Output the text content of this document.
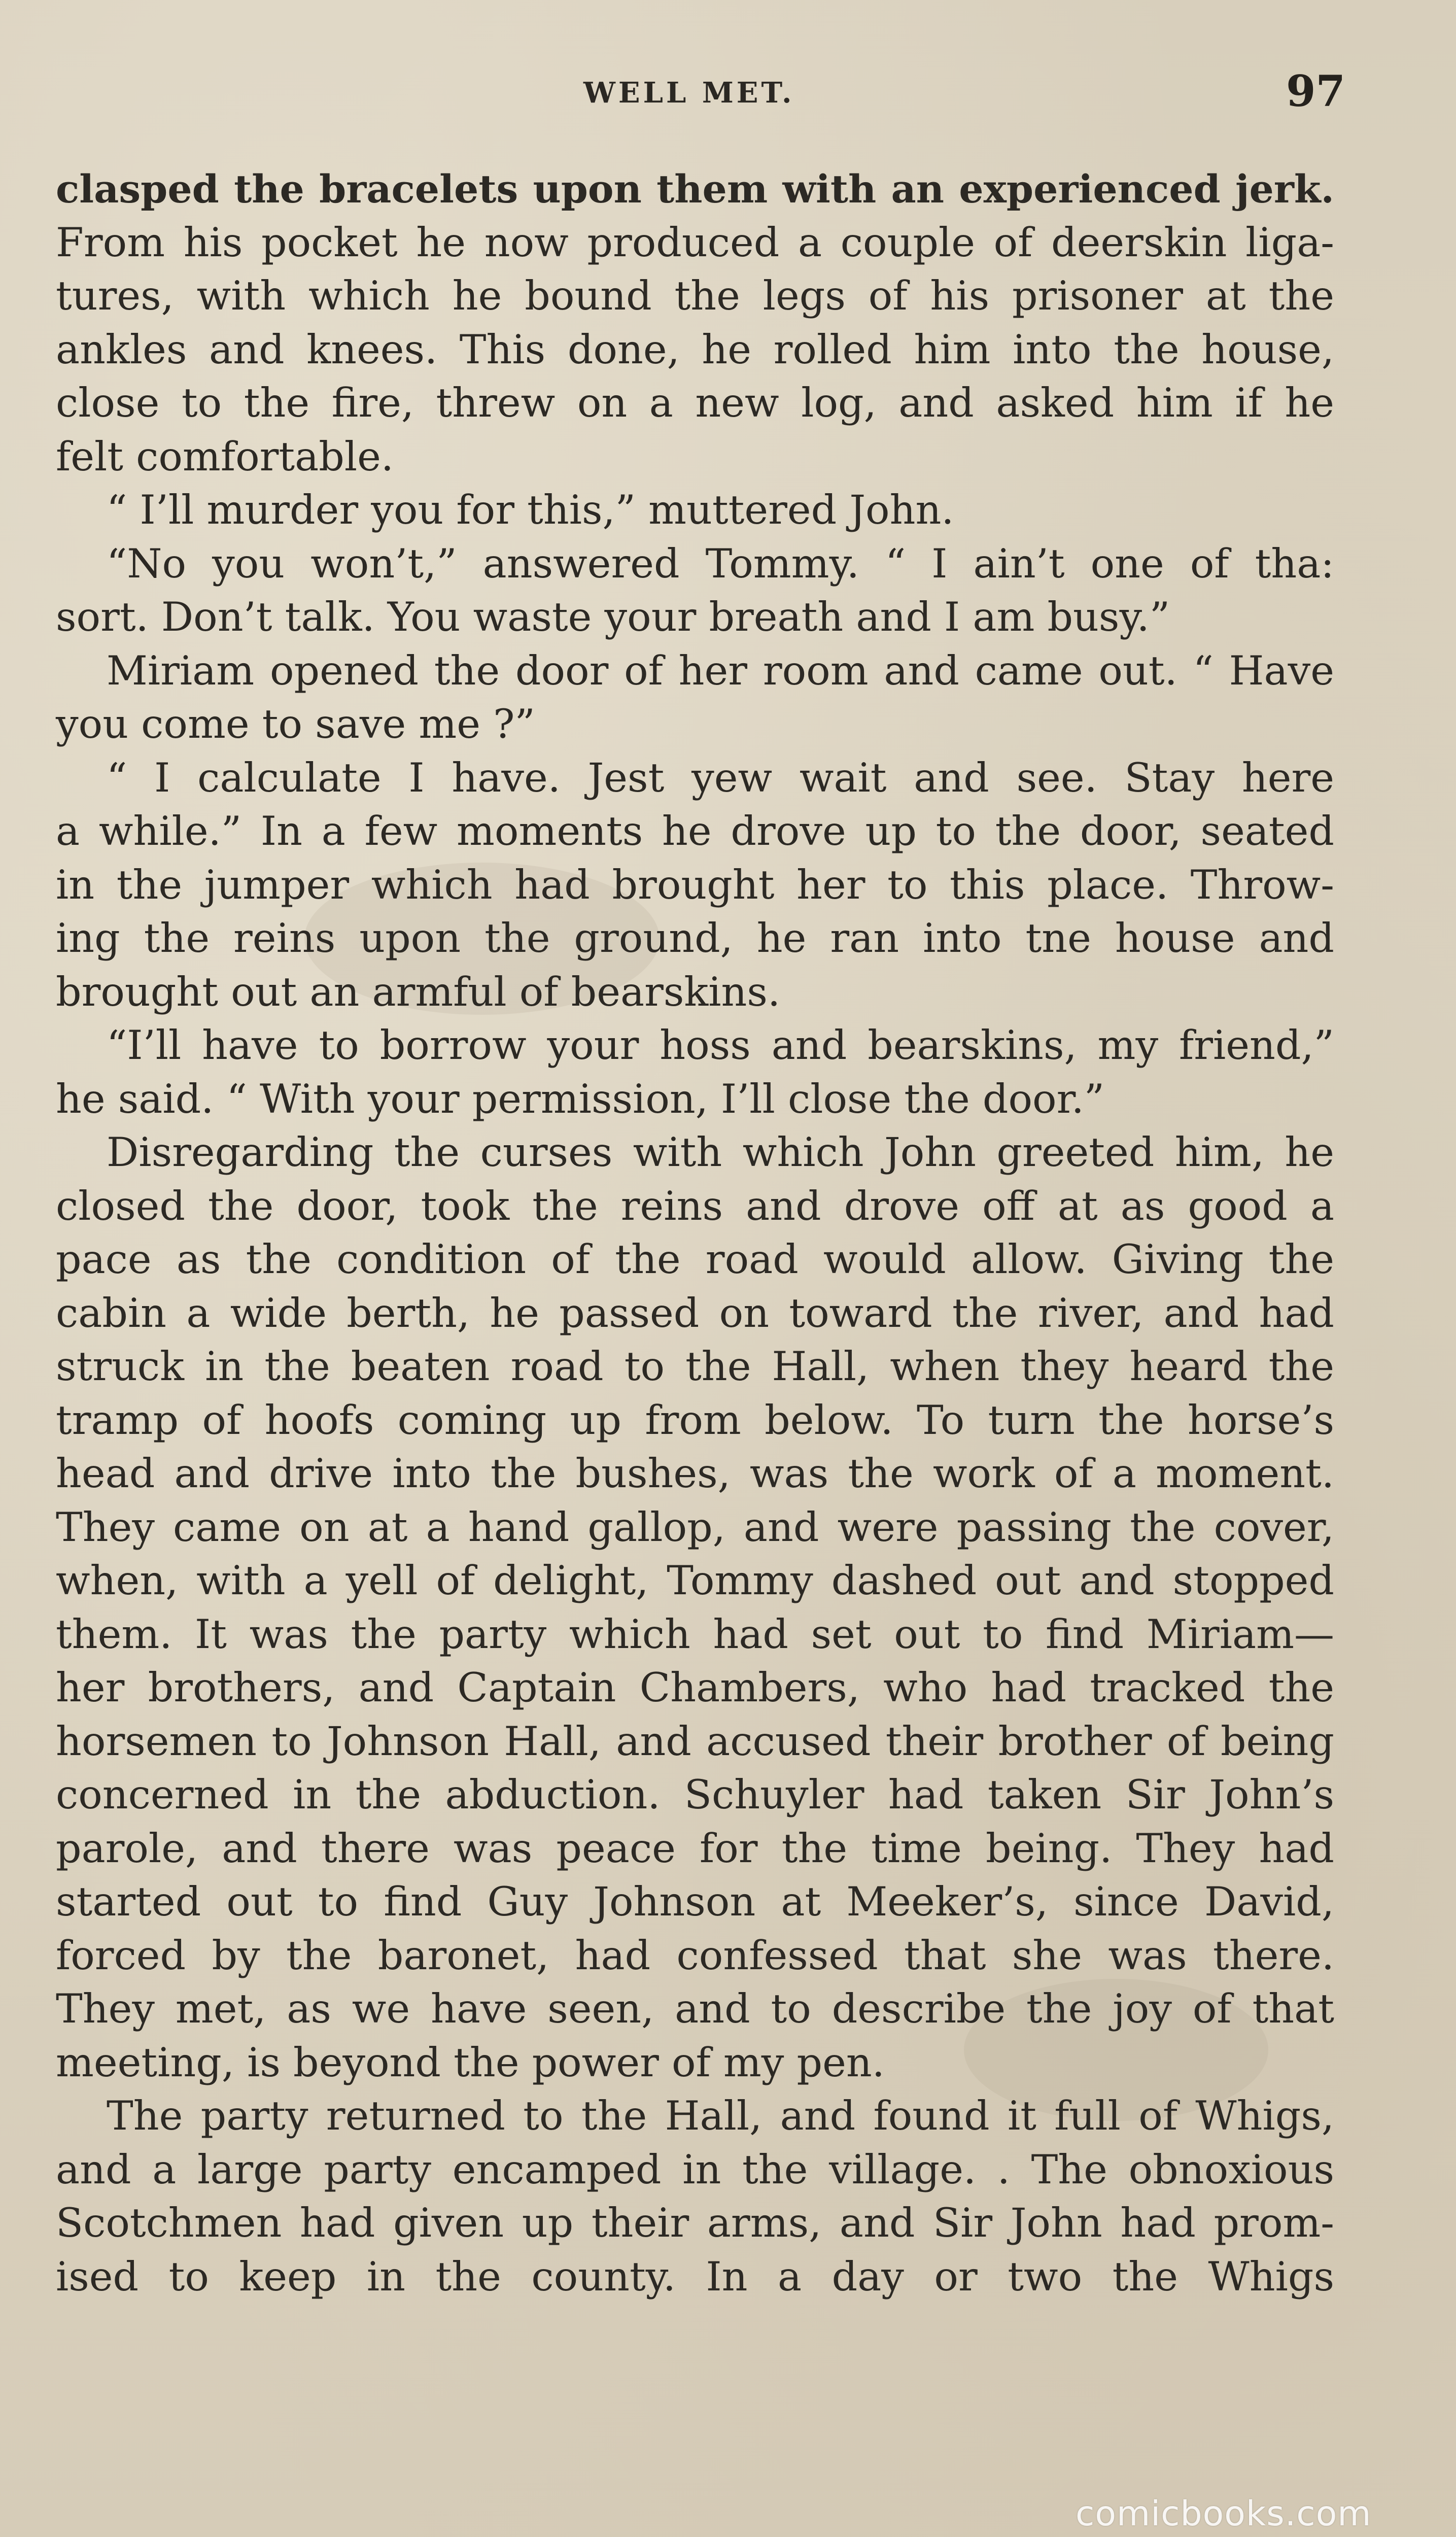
WELL MET.	97
clasped the bracelets upon them with an experienced jerk.
From his pocket he now produced a couple of deerskin liga-
tures, with which he bound the legs of his prisoner at the
ankles and knees. This done, he rolled him into the house,
close to the fire, threw on a new log, and asked him if he
felt comfortable.
“ I’ll murder you for this,” muttered John.
“No you won’t,” answered Tommy. “ I ain’t one of tha:
sort. Don’t talk. You waste your breath and I am busy.”
Miriam opened the door of her room and came out. “ Have
you come to save me ?”
“ I calculate I have. Jest yew wait and see. Stay here
a while.” In a few moments he drove up to the door, seated
in the jumper which had brought her to this place. Throw-
ing the reins upon the ground, he ran into tne house and
brought out an armful of bearskins.
“I’ll have to borrow your hoss and bearskins, my friend,”
he said. “ With your permission, I’ll close the door.”
Disregarding the curses with which John greeted him, he
closed the door, took the reins and drove off at as good a
pace as the condition of the road would allow. Giving the
cabin a wide berth, he passed on toward the river, and had
struck in the beaten road to the Hall, when they heard the
tramp of hoofs coming up from below. To turn the horse’s
head and drive into the bushes, was the work of a moment.
They came on at a hand gallop, and were passing the cover,
when, with a yell of delight, Tommy dashed out and stopped
them. It was the party which had set out to find Miriam—
her brothers, and Captain Chambers, who had tracked the
horsemen to Johnson Hall, and accused their brother of being
concerned in the abduction. Schuyler had taken Sir John’s
parole, and there was peace for the time being. They had
started out to find Guy Johnson at Meeker’s, since David,
forced by the baronet, had confessed that she was there.
They met, as we have seen, and to describe the joy of that
meeting, is beyond the power of my pen.
The party returned to the Hall, and found it full of Whigs,
and a large party encamped in the village. . The obnoxious
Scotchmen had given up their arms, and Sir John had prom-
ised to keep in the county. In a day or two the Whigs
comicbooks.com
